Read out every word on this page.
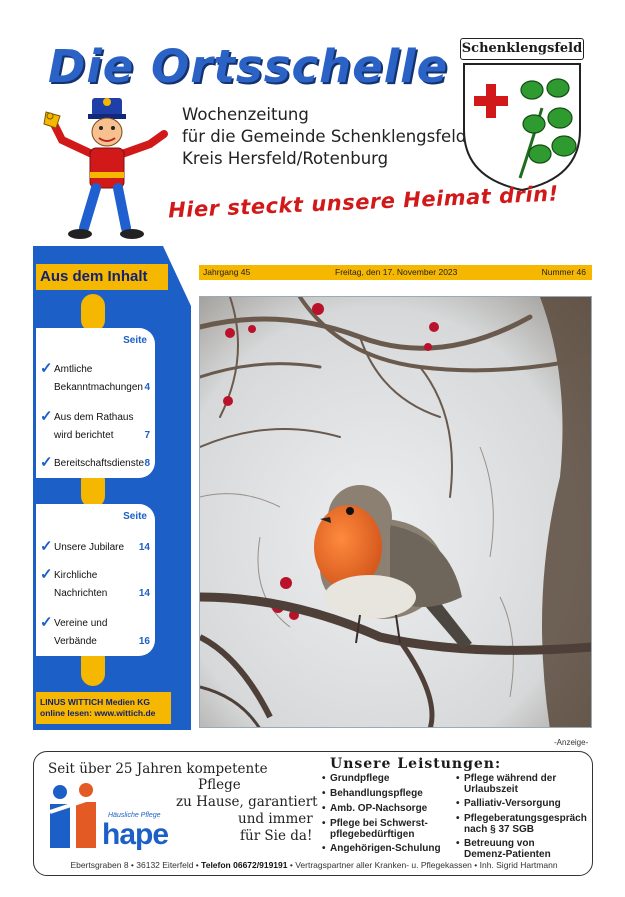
Die Ortsschelle Schenklengsfeld
Wochenzeitung
für die Gemeinde Schenklengsfeld
Kreis Hersfeld/Rotenburg
Hier steckt unsere Heimat drin!
Aus dem Inhalt
Seite
✓ Amtliche
Bekanntmachungen 4
✓ Aus dem Rathaus
wird berichtet	7
✓ Bereitschaftsdienste 8
Seite
✓ Unsere Jubilare	14
✓ Kirchliche
Nachrichten	14
✓ Vereine und
Verbände	16
LINUS WITTICH Medien KG
online lesen: www.wittich.de
Jahrgang 45	Freitag, den 17. November 2023	Nummer 46
-Anzeige-
Seit über 25 Jahren kompetente
Pflege
zu Hause, garantiert
und immer
für Sie da!
Häusliche Pflege
hape
Unsere Leistungen:
• Grundpflege
• Behandlungspflege
• Amb. OP-Nachsorge
• Pflege bei Schwerst-
pflegebedürftigen
• Angehörigen-Schulung
• Pflege während der
Urlaubszeit
• Palliativ-Versorgung
• Pflegeberatungsgespräch
nach § 37 SGB
• Betreuung von
Demenz-Patienten
Ebertsgraben 8 • 36132 Eiterfeld • Telefon 06672/919191 • Vertragspartner aller Kranken- u. Pflegekassen • Inh. Sigrid Hartmann
